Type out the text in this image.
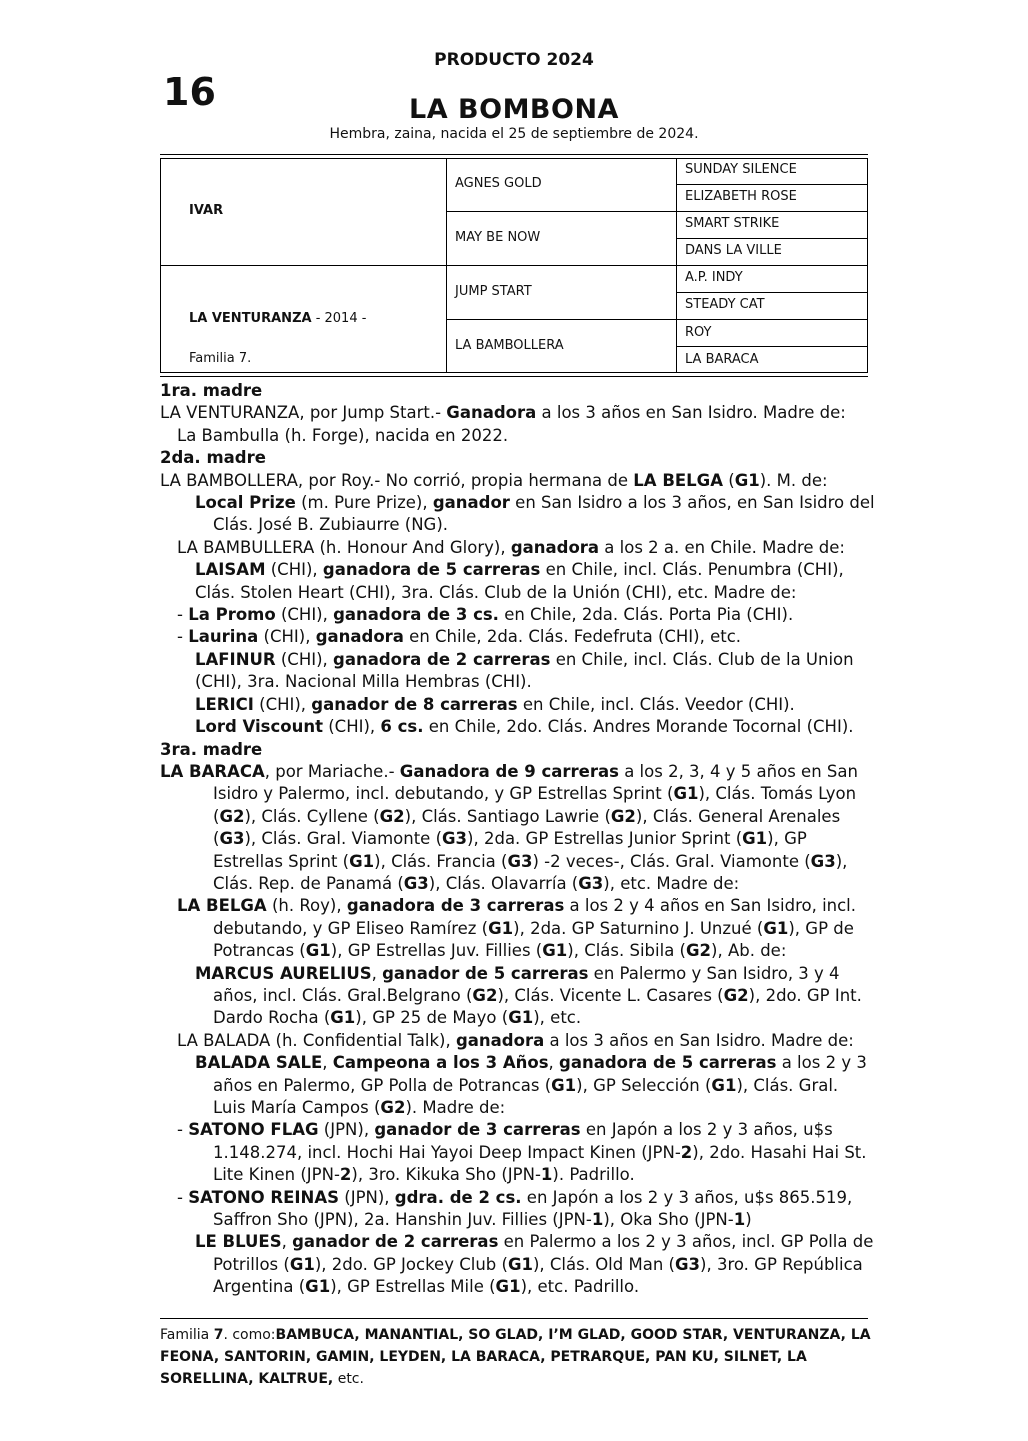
16
PRODUCTO 2024
LA BOMBONA
Hembra, zaina, nacida el 25 de septiembre de 2024.
IVAR
LA VENTURANZA - 2014 -
Familia 7.
AGNES GOLD
MAY BE NOW
JUMP START
LA BAMBOLLERA
SUNDAY SILENCE
ELIZABETH ROSE
SMART STRIKE
DANS LA VILLE
A.P. INDY
STEADY CAT
ROY
LA BARACA

1ra. madre

LA VENTURANZA, por Jump Start.- Ganadora a los 3 años en San Isidro. Madre de:

La Bambulla (h. Forge), nacida en 2022.

2da. madre

LA BAMBOLLERA, por Roy.- No corrió, propia hermana de LA BELGA (G1). M. de:

Local Prize (m. Pure Prize), ganador en San Isidro a los 3 años, en San Isidro del Clás. José B. Zubiaurre (NG).

LA BAMBULLERA (h. Honour And Glory), ganadora a los 2 a. en Chile. Madre de:

LAISAM (CHI), ganadora de 5 carreras en Chile, incl. Clás. Penumbra (CHI), Clás. Stolen Heart (CHI), 3ra. Clás. Club de la Unión (CHI), etc. Madre de:

- La Promo (CHI), ganadora de 3 cs. en Chile, 2da. Clás. Porta Pia (CHI).

- Laurina (CHI), ganadora en Chile, 2da. Clás. Fedefruta (CHI), etc.

LAFINUR (CHI), ganadora de 2 carreras en Chile, incl. Clás. Club de la Union (CHI), 3ra. Nacional Milla Hembras (CHI).

LERICI (CHI), ganador de 8 carreras en Chile, incl. Clás. Veedor (CHI).

Lord Viscount (CHI), 6 cs. en Chile, 2do. Clás. Andres Morande Tocornal (CHI).

3ra. madre

LA BARACA, por Mariache.- Ganadora de 9 carreras a los 2, 3, 4 y 5 años en San Isidro y Palermo, incl. debutando, y GP Estrellas Sprint (G1), Clás. Tomás Lyon (G2), Clás. Cyllene (G2), Clás. Santiago Lawrie (G2), Clás. General Arenales (G3), Clás. Gral. Viamonte (G3), 2da. GP Estrellas Junior Sprint (G1), GP Estrellas Sprint (G1), Clás. Francia (G3) -2 veces-, Clás. Gral. Viamonte (G3), Clás. Rep. de Panamá (G3), Clás. Olavarría (G3), etc. Madre de:

LA BELGA (h. Roy), ganadora de 3 carreras a los 2 y 4 años en San Isidro, incl. debutando, y GP Eliseo Ramírez (G1), 2da. GP Saturnino J. Unzué (G1), GP de Potrancas (G1), GP Estrellas Juv. Fillies (G1), Clás. Sibila (G2), Ab. de:

MARCUS AURELIUS, ganador de 5 carreras en Palermo y San Isidro, 3 y 4 años, incl. Clás. Gral.Belgrano (G2), Clás. Vicente L. Casares (G2), 2do. GP Int. Dardo Rocha (G1), GP 25 de Mayo (G1), etc.

LA BALADA (h. Confidential Talk), ganadora a los 3 años en San Isidro. Madre de:

BALADA SALE, Campeona a los 3 Años, ganadora de 5 carreras a los 2 y 3 años en Palermo, GP Polla de Potrancas (G1), GP Selección (G1), Clás. Gral. Luis María Campos (G2). Madre de:

- SATONO FLAG (JPN), ganador de 3 carreras en Japón a los 2 y 3 años, u$s 1.148.274, incl. Hochi Hai Yayoi Deep Impact Kinen (JPN-2), 2do. Hasahi Hai St. Lite Kinen (JPN-2), 3ro. Kikuka Sho (JPN-1). Padrillo.

- SATONO REINAS (JPN), gdra. de 2 cs. en Japón a los 2 y 3 años, u$s 865.519, Saffron Sho (JPN), 2a. Hanshin Juv. Fillies (JPN-1), Oka Sho (JPN-1)

LE BLUES, ganador de 2 carreras en Palermo a los 2 y 3 años, incl. GP Polla de Potrillos (G1), 2do. GP Jockey Club (G1), Clás. Old Man (G3), 3ro. GP República Argentina (G1), GP Estrellas Mile (G1), etc. Padrillo.

Familia 7. como:BAMBUCA, MANANTIAL, SO GLAD, I’M GLAD, GOOD STAR, VENTURANZA, LA FEONA, SANTORIN, GAMIN, LEYDEN, LA BARACA, PETRARQUE, PAN KU, SILNET, LA SORELLINA, KALTRUE, etc.
